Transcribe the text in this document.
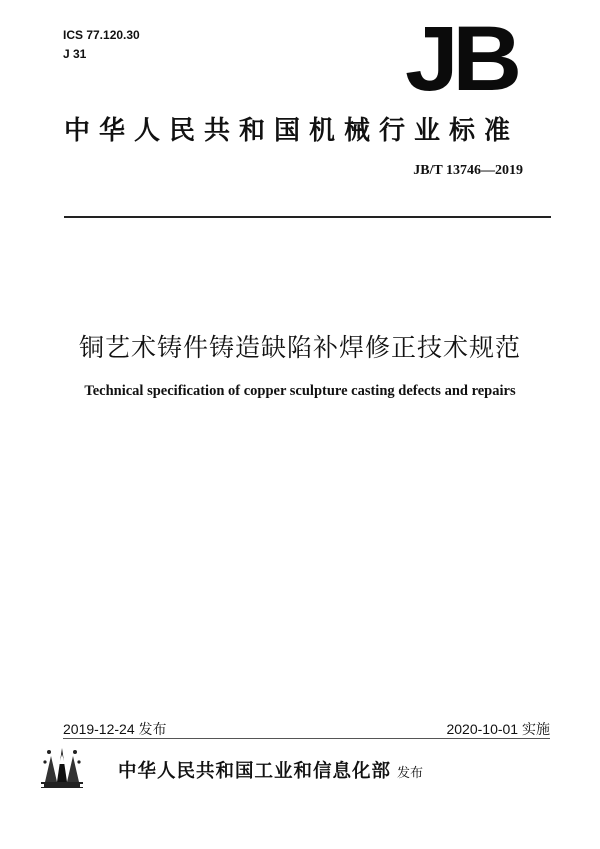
ICS 77.120.30
J 31	JB
中华人民共和国机械行业标准
JB/T 13746—2019
铜艺术铸件铸造缺陷补焊修正技术规范
Technical specification of copper sculpture casting defects and repairs
2019-12-24 发布	2020-10-01 实施
中华人民共和国工业和信息化部 发布
